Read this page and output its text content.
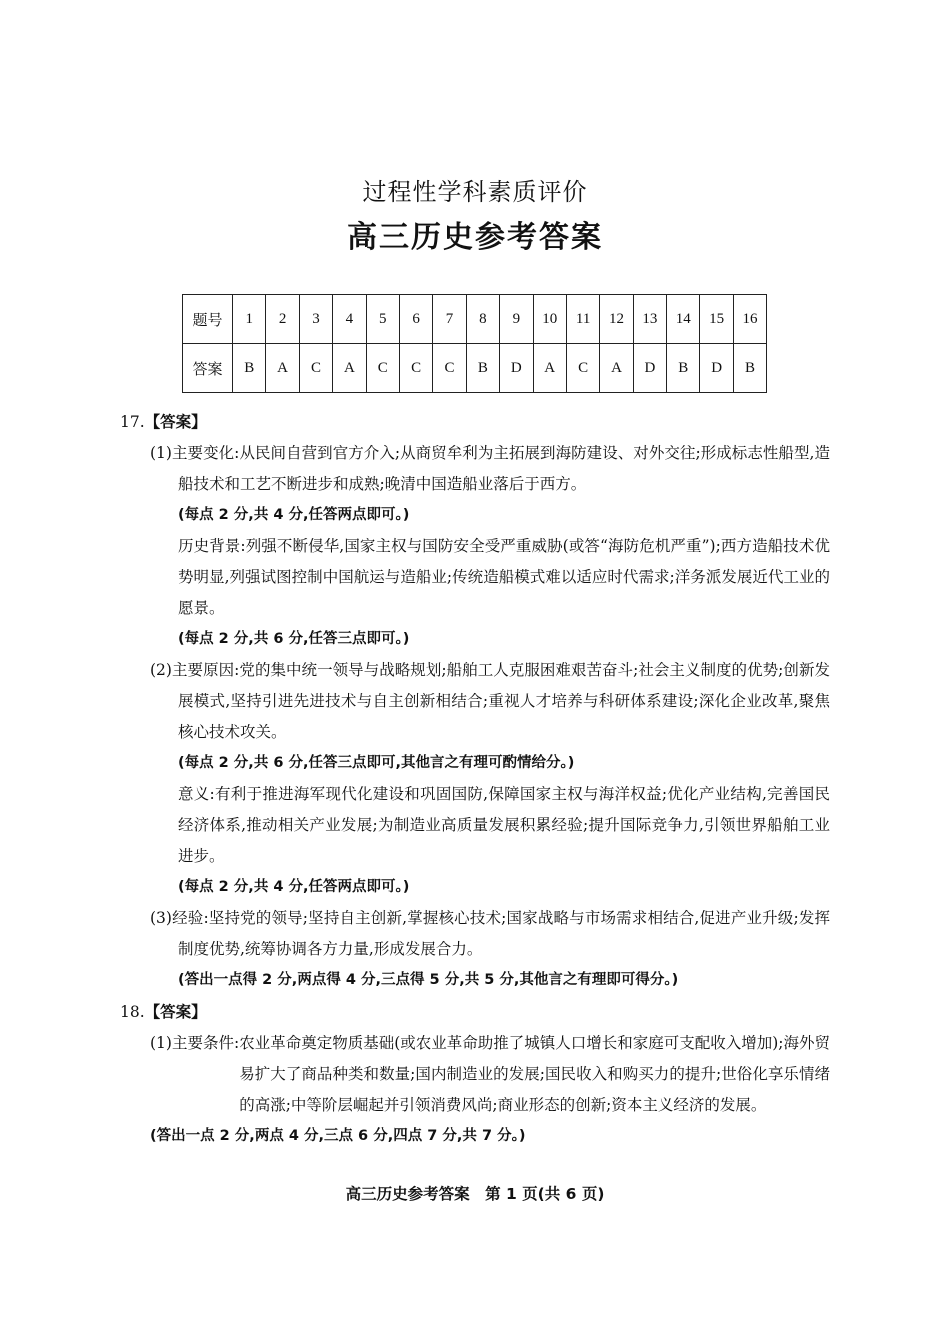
过程性学科素质评价
高三历史参考答案
题号	1	2	3	4	5	6	7	8	9	10	11	12	13	14	15	16
答案	B	A	C	A	C	C	C	B	D	A	C	A	D	B	D	B
17.【答案】
(1)主要变化:从民间自营到官方介入;从商贸牟利为主拓展到海防建设、对外交往;形成标志性船型,造船技术和工艺不断进步和成熟;晚清中国造船业落后于西方。
(每点 2 分,共 4 分,任答两点即可。)
历史背景:列强不断侵华,国家主权与国防安全受严重威胁(或答“海防危机严重”);西方造船技术优势明显,列强试图控制中国航运与造船业;传统造船模式难以适应时代需求;洋务派发展近代工业的愿景。
(每点 2 分,共 6 分,任答三点即可。)
(2)主要原因:党的集中统一领导与战略规划;船舶工人克服困难艰苦奋斗;社会主义制度的优势;创新发展模式,坚持引进先进技术与自主创新相结合;重视人才培养与科研体系建设;深化企业改革,聚焦核心技术攻关。
(每点 2 分,共 6 分,任答三点即可,其他言之有理可酌情给分。)
意义:有利于推进海军现代化建设和巩固国防,保障国家主权与海洋权益;优化产业结构,完善国民经济体系,推动相关产业发展;为制造业高质量发展积累经验;提升国际竞争力,引领世界船舶工业进步。
(每点 2 分,共 4 分,任答两点即可。)
(3)经验:坚持党的领导;坚持自主创新,掌握核心技术;国家战略与市场需求相结合,促进产业升级;发挥制度优势,统筹协调各方力量,形成发展合力。
(答出一点得 2 分,两点得 4 分,三点得 5 分,共 5 分,其他言之有理即可得分。)
18.【答案】
(1)主要条件: 农业革命奠定物质基础(或农业革命助推了城镇人口增长和家庭可支配收入增加);海外贸易扩大了商品种类和数量;国内制造业的发展;国民收入和购买力的提升;世俗化享乐情绪的高涨;中等阶层崛起并引领消费风尚;商业形态的创新;资本主义经济的发展。
(答出一点 2 分,两点 4 分,三点 6 分,四点 7 分,共 7 分。)
高三历史参考答案　第 1 页(共 6 页)
